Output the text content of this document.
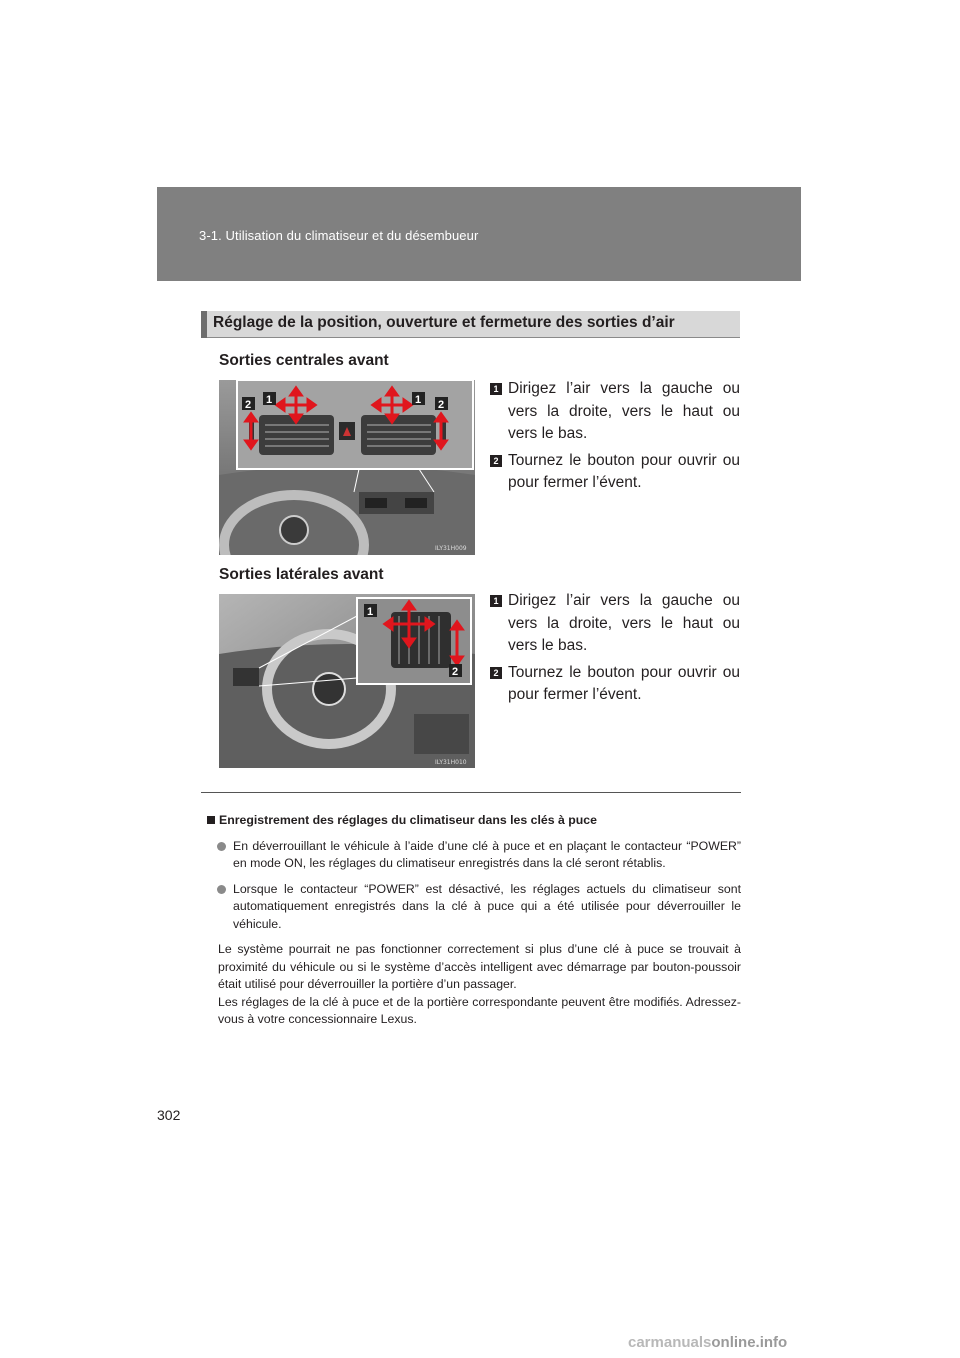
3-1. Utilisation du climatiseur et du désembueur
Réglage de la position, ouverture et fermeture des sorties d’air
Sorties centrales avant
2 1	1 2
ILY31H009
1 Dirigez l’air vers la gauche ou vers la droite, vers le haut ou vers le bas.
2 Tournez le bouton pour ouvrir ou pour fermer l’évent.
Sorties latérales avant
1
2
ILY31H010
1 Dirigez l’air vers la gauche ou vers la droite, vers le haut ou vers le bas.
2 Tournez le bouton pour ouvrir ou pour fermer l’évent.
Enregistrement des réglages du climatiseur dans les clés à puce
En déverrouillant le véhicule à l’aide d’une clé à puce et en plaçant le contacteur “POWER” en mode ON, les réglages du climatiseur enregistrés dans la clé seront rétablis.
Lorsque le contacteur “POWER” est désactivé, les réglages actuels du climatiseur sont automatiquement enregistrés dans la clé à puce qui a été utilisée pour déverrouiller le véhicule.
Le système pourrait ne pas fonctionner correctement si plus d’une clé à puce se trouvait à proximité du véhicule ou si le système d’accès intelligent avec démarrage par bouton-poussoir était utilisé pour déverrouiller la portière d’un passager.
Les réglages de la clé à puce et de la portière correspondante peuvent être modifiés. Adressez-vous à votre concessionnaire Lexus.
302
carmanualsonline.info
